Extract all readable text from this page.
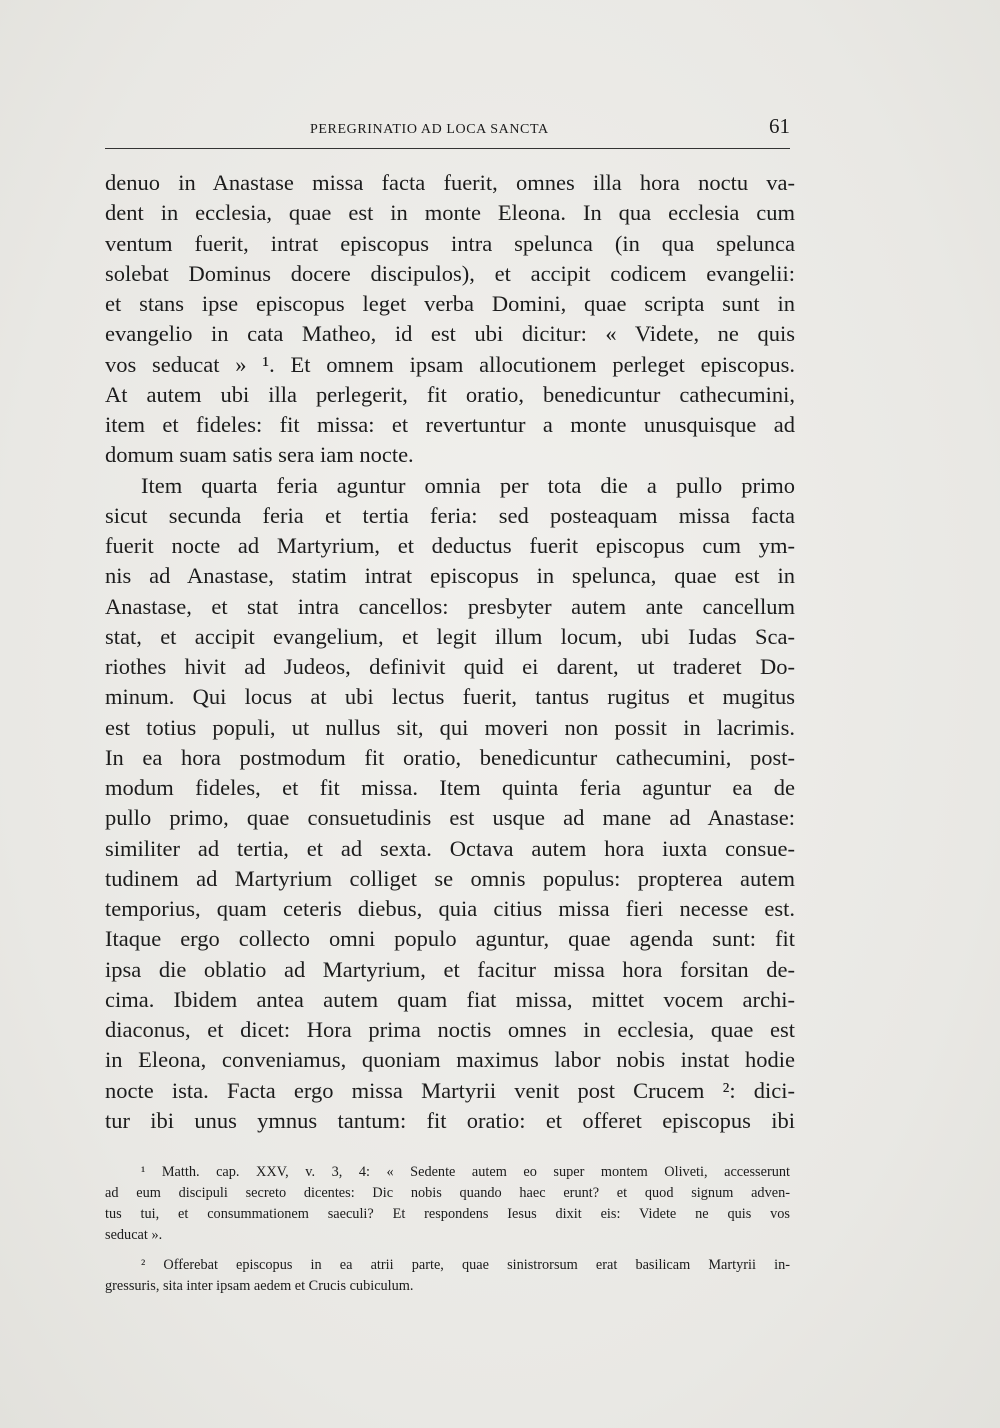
PEREGRINATIO AD LOCA SANCTA	61
denuo in Anastase missa facta fuerit, omnes illa hora noctu va-
dent in ecclesia, quae est in monte Eleona. In qua ecclesia cum
ventum fuerit, intrat episcopus intra spelunca (in qua spelunca
solebat Dominus docere discipulos), et accipit codicem evangelii:
et stans ipse episcopus leget verba Domini, quae scripta sunt in
evangelio in cata Matheo, id est ubi dicitur: « Videte, ne quis
vos seducat » ¹. Et omnem ipsam allocutionem perleget episcopus.
At autem ubi illa perlegerit, fit oratio, benedicuntur cathecumini,
item et fideles: fit missa: et revertuntur a monte unusquisque ad
domum suam satis sera iam nocte.
Item quarta feria aguntur omnia per tota die a pullo primo
sicut secunda feria et tertia feria: sed posteaquam missa facta
fuerit nocte ad Martyrium, et deductus fuerit episcopus cum ym-
nis ad Anastase, statim intrat episcopus in spelunca, quae est in
Anastase, et stat intra cancellos: presbyter autem ante cancellum
stat, et accipit evangelium, et legit illum locum, ubi Iudas Sca-
riothes hivit ad Judeos, definivit quid ei darent, ut traderet Do-
minum. Qui locus at ubi lectus fuerit, tantus rugitus et mugitus
est totius populi, ut nullus sit, qui moveri non possit in lacrimis.
In ea hora postmodum fit oratio, benedicuntur cathecumini, post-
modum fideles, et fit missa. Item quinta feria aguntur ea de
pullo primo, quae consuetudinis est usque ad mane ad Anastase:
similiter ad tertia, et ad sexta. Octava autem hora iuxta consue-
tudinem ad Martyrium colliget se omnis populus: propterea autem
temporius, quam ceteris diebus, quia citius missa fieri necesse est.
Itaque ergo collecto omni populo aguntur, quae agenda sunt: fit
ipsa die oblatio ad Martyrium, et facitur missa hora forsitan de-
cima. Ibidem antea autem quam fiat missa, mittet vocem archi-
diaconus, et dicet: Hora prima noctis omnes in ecclesia, quae est
in Eleona, conveniamus, quoniam maximus labor nobis instat hodie
nocte ista. Facta ergo missa Martyrii venit post Crucem ²: dici-
tur ibi unus ymnus tantum: fit oratio: et offeret episcopus ibi
¹ Matth. cap. XXV, v. 3, 4: « Sedente autem eo super montem Oliveti, accesserunt
ad eum discipuli secreto dicentes: Dic nobis quando haec erunt? et quod signum adven-
tus tui, et consummationem saeculi? Et respondens Iesus dixit eis: Videte ne quis vos
seducat ».
² Offerebat episcopus in ea atrii parte, quae sinistrorsum erat basilicam Martyrii in-
gressuris, sita inter ipsam aedem et Crucis cubiculum.
